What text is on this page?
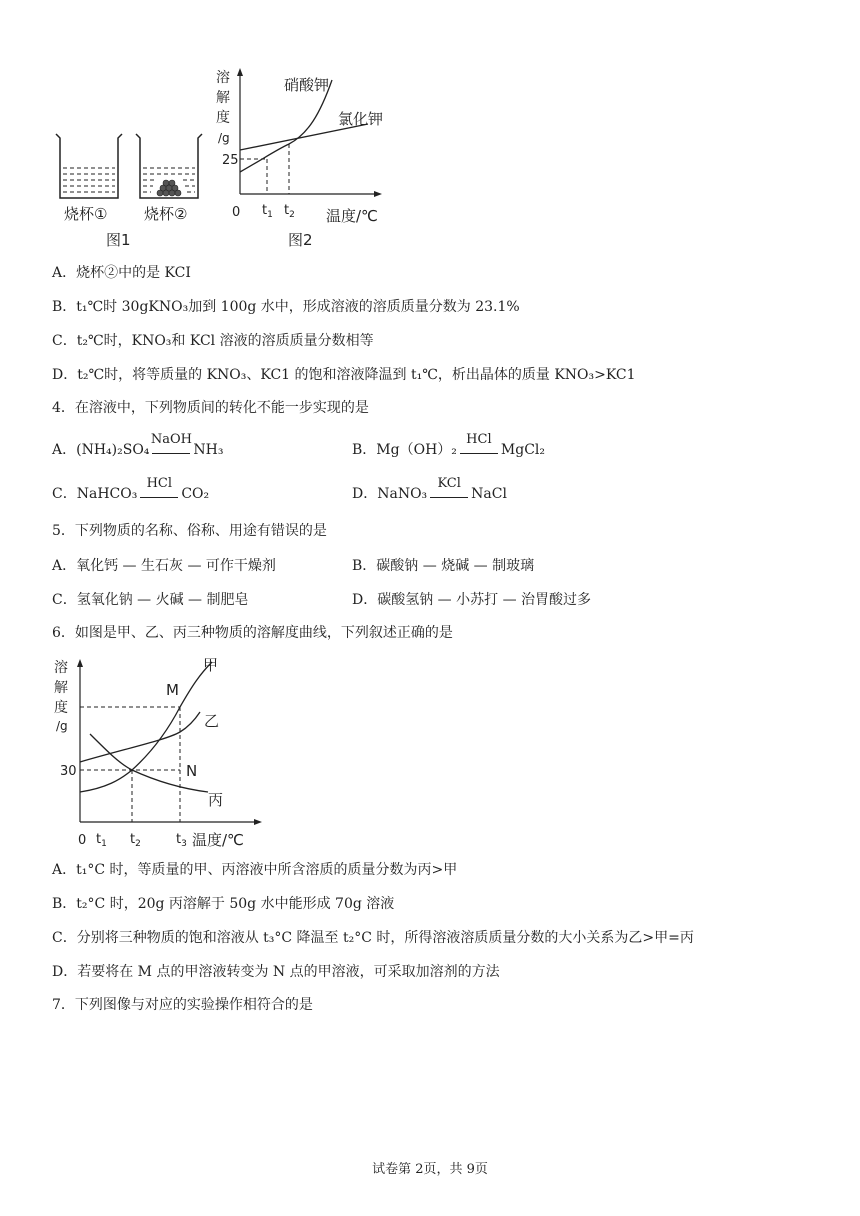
烧杯① 烧杯②
图1
溶
解
度
/g
硝酸钾
氯化钾
25
0 $t_1$ $t_2$ 温度/℃
图2
A．烧杯②中的是 KCI
B．t₁℃时 30gKNO₃加到 100g 水中，形成溶液的溶质质量分数为 23.1%
C．t₂℃时，KNO₃和 KCl 溶液的溶质质量分数相等
D．t₂℃时，将等质量的 KNO₃、KC1 的饱和溶液降温到 t₁℃，析出晶体的质量 KNO₃>KC1
4．在溶液中，下列物质间的转化不能一步实现的是
A．(NH₄)₂SO₄
NaOH
NH₃	B．Mg（OH）₂
HCl
MgCl₂
C．NaHCO₃
HCl
CO₂	D．NaNO₃
KCl
NaCl
5．下列物质的名称、俗称、用途有错误的是
A．氧化钙 — 生石灰 — 可作干燥剂	B．碳酸钠 — 烧碱 — 制玻璃
C．氢氧化钠 — 火碱 — 制肥皂	D．碳酸氢钠 — 小苏打 — 治胃酸过多
6．如图是甲、乙、丙三种物质的溶解度曲线，下列叙述正确的是
溶
解
度
/g
甲
乙
丙
M
N
30
0 $t_1$ $t_2$	$t_3$ 温度/℃
A．t₁°C 时，等质量的甲、丙溶液中所含溶质的质量分数为丙>甲
B．t₂°C 时，20g 丙溶解于 50g 水中能形成 70g 溶液
C．分别将三种物质的饱和溶液从 t₃°C 降温至 t₂°C 时，所得溶液溶质质量分数的大小关系为乙>甲=丙
D．若要将在 M 点的甲溶液转变为 N 点的甲溶液，可采取加溶剂的方法
7．下列图像与对应的实验操作相符合的是
试卷第 2页，共 9页
